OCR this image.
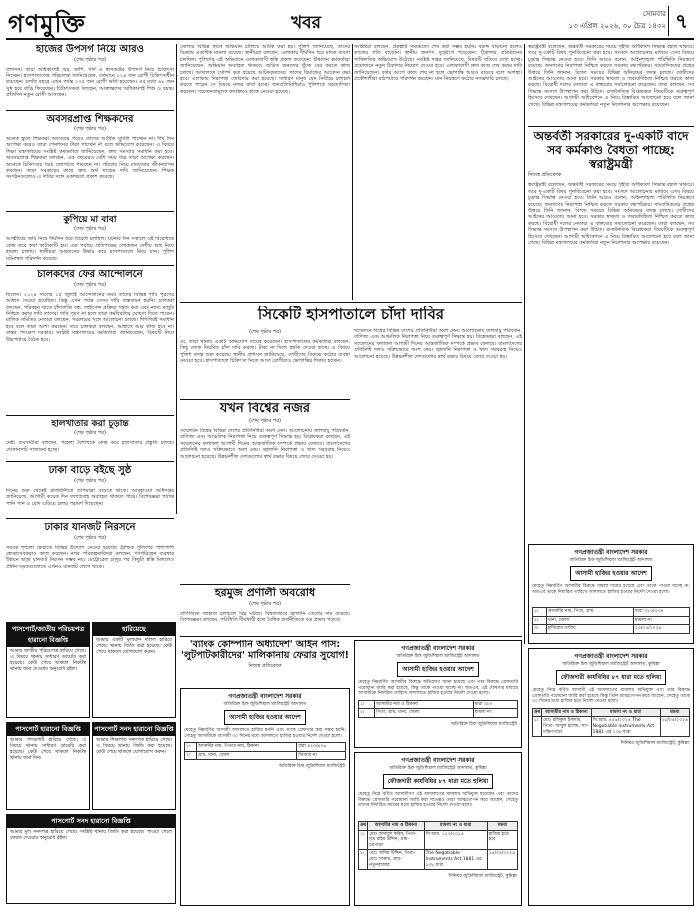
গণমুক্তি	খবর	সোমবার
১৩ এপ্রিল ২০২৬, ৩০ চৈত্র ১৪৩২ ৭
হাজের উপসর্গ নিয়ে আরও
(শেষ পৃষ্ঠার পর)
প্রশাসন। তারা অধিকাংশই জ্বর, কাশি, সর্দি ও শ্বাসকষ্টের উপসর্গ নিয়ে চিকিৎসা নিচ্ছেন। হাসপাতালের পরিচালক জানিয়েছেন, বর্তমানে ১২৪ জন রোগী চিকিৎসাধীন রয়েছেন। চলতি বছরে এখন পর্যন্ত ২৩৫ জন রোগী ভর্তি হয়েছেন। এর মধ্যে ৯৮ জন সুস্থ হয়ে বাড়ি ফিরেছেন। চিকিৎসকরা বলছেন, আক্রান্তদের অধিকাংশই শিশু ও বয়স্ক। প্রতিদিন নতুন রোগী আসছেন।
অবসরপ্রাপ্ত শিক্ষকদের
(শেষ পৃষ্ঠার পর)
অনেক স্কুলে শিক্ষকরা অবসরের পরেও তাদের আর্থিক সুবিধা পাচ্ছেন না। দীর্ঘ দিন অপেক্ষা করেও তারা পেনশনের টাকা পাচ্ছেন না বলে অভিযোগ করেছেন। এ বিষয়ে শিক্ষা মন্ত্রণালয়ের সংশ্লিষ্ট কর্মকর্তারা জানিয়েছেন, দ্রুত সমস্যার সমাধান করা হবে। অবসরপ্রাপ্ত শিক্ষকরা বলছেন, এক বছরেরও বেশি সময় ধরে তারা অপেক্ষা করছেন। অনেকে চিকিৎসার খরচ জোগাতে পারছেন না। পরিবার নিয়ে মানবেতর জীবনযাপন করছেন। তারা সরকারের কাছে দ্রুত অর্থ ছাড়ের দাবি জানিয়েছেন। শিক্ষক সংগঠনগুলোও এ দাবির সঙ্গে একাত্মতা প্রকাশ করেছে।
কুপিয়ে মা বাবা
(শেষ পৃষ্ঠার পর)
আত্মীয়ের জমি নিয়ে দীর্ঘদিন ধরে বিরোধ চলছিল। ঘটনার দিন সকালে ওই বিরোধকে কেন্দ্র করে কথা কাটাকাটি হয়। এক পর্যায়ে প্রতিপক্ষের লোকজন দেশীয় অস্ত্র নিয়ে হামলা চালায়। স্থানীয়রা আহতদের উদ্ধার করে হাসপাতালে নিয়ে যান। পুলিশ ঘটনাস্থল পরিদর্শন করেছে।
চালকদের ফের আন্দোলনে
(শেষ পৃষ্ঠার পর)
ছিলেন। ২০২৪ সালের ১৫ জুলাই আন্দোলনের সময় তাদের বিভিন্ন দাবি পূরণের আশ্বাস দেওয়া হয়েছিল। কিন্তু এখন পর্যন্ত সেসব দাবি বাস্তবায়ন হয়নি। চালকরা বলছেন, পরিবহন খাতে চাঁদাবাজি বন্ধ, লাইসেন্স প্রক্রিয়া সহজ করা এবং ন্যায্য মজুরি নিশ্চিত করার দাবি তাদের। দাবি পূরণ না হলে তারা কর্মবিরতির ঘোষণা দিতে পারেন। মালিক সমিতির নেতারা বলছেন, সরকারের সঙ্গে আলোচনা চলছে। শিগগিরই সমাধান হবে বলে তারা আশা করছেন। তবে চালকরা বলছেন, আশ্বাসে আর কাজ হবে না। বাস্তব পদক্ষেপ দরকার। সংশ্লিষ্ট মন্ত্রণালয়ের কর্মকর্তারা জানিয়েছেন, বিষয়টি নিয়ে উচ্চপর্যায়ে বৈঠক হবে।
হালখাতার করা চূড়ান্ত
(শেষ পৃষ্ঠার পর)
নেই। ব্যবসায়ীরা বলছেন, পহেলা বৈশাখকে কেন্দ্র করে হালখাতার প্রস্তুতি চলছে। দোকানপাট সাজানো হচ্ছে।
ঢাকা বাড়ে বইছে সুষ্ঠ
(শেষ পৃষ্ঠার পর)
দিনের শুরু থেকেই রাজধানীতে তাপমাত্রা বাড়তে থাকে। আবহাওয়া অধিদপ্তর জানিয়েছে, আগামী কয়েক দিন তাপপ্রবাহ অব্যাহত থাকতে পারে। বিশেষজ্ঞরা পর্যাপ্ত পানি পান ও রোদ এড়িয়ে চলার পরামর্শ দিয়েছেন।
ঢাকার যানজট নিরসনে
(শেষ পৃষ্ঠার পর)
সড়কে শৃঙ্খলা ফেরাতে বিভিন্ন উদ্যোগ নেওয়া হয়েছে। ট্রাফিক পুলিশের পাশাপাশি স্বেচ্ছাসেবকরাও কাজ করছেন। নগর পরিকল্পনাবিদরা বলছেন, গণপরিবহন ব্যবস্থার উন্নয়ন ছাড়া যানজট নিরসন সম্ভব নয়। মেট্রোরেল চালুর পর কিছুটা স্বস্তি মিললেও প্রধান সড়কগুলোতে এখনও যানজট লেগে থাকে।
পাসপোর্ট/জাতীয় পরিচয়পত্র হারানো বিজ্ঞপ্তি
আমার জাতীয় পরিচয়পত্র হারিয়ে গেছে। এ বিষয়ে থানায় সাধারণ ডায়েরি করা হয়েছে। কেউ পেয়ে থাকলে নিকটস্থ থানায় জমা দেওয়ার অনুরোধ রইল।
হারিয়েছে
আমার একটি মূল্যবান দলিল হারিয়ে গেছে। থানায় জিডি করা হয়েছে। কেউ পেয়ে থাকলে যোগাযোগ করুন।
পাসপোর্ট হারানো বিজ্ঞপ্তি
আমার পাসপোর্ট হারিয়ে গেছে। এ বিষয়ে থানায় সাধারণ ডায়েরি করা হয়েছে। কেউ পেয়ে থাকলে নিকটস্থ থানায় জমা দিন।
পাসপোর্ট সনদ হারানো বিজ্ঞপ্তি
আমার শিক্ষাগত সনদপত্র হারিয়ে গেছে। এ বিষয়ে থানায় জিডি করা হয়েছে। কেউ পেয়ে থাকলে যোগাযোগ করুন।
পাসপোর্ট সনদ হারানো বিজ্ঞপ্তি
আমার মূল সনদপত্র হারিয়ে গেছে। সংশ্লিষ্ট থানায় জিডি করা হয়েছে। পাওয়া গেলে ফেরত দেওয়ার অনুরোধ রইল।
জেলার বিভিন্ন স্থানে অভিযান চালিয়ে আটক করা হয়। পুলিশ জানিয়েছে, তাদের বিরুদ্ধে একাধিক মামলা রয়েছে। স্থানীয়রা বলছেন, এলাকায় দীর্ঘদিন ধরে মাদক ব্যবসা চলছিল। পুলিশের এই অভিযানে এলাকাবাসী স্বস্তি প্রকাশ করেছেন। ঊর্ধ্বতন কর্মকর্তারা জানিয়েছেন, অভিযান অব্যাহত থাকবে। জড়িত অন্যদের খুঁজে বের করতে কাজ চলছে। আদালতে সোপর্দ করা হয়েছে আটককৃতদের। তাদের রিমান্ডের আবেদন করা হবে। এলাকায় নিরাপত্তা জোরদার করা হয়েছে। সাধারণ মানুষ যেন নির্বিঘ্নে চলাচল করতে পারেন সে বিষয়ে নজর রাখা হচ্ছে। জনপ্রতিনিধিরাও পুলিশকে সহযোগিতা করছেন। সচেতনতামূলক কার্যক্রমও হাতে নেওয়া হয়েছে।
সংশ্লিষ্টরা বলছেন, প্রকল্পটি সময়মতো শেষ করা সম্ভব হয়নি। বরাদ্দ বাড়ানো হলেও কাজের গতি বাড়েনি। স্থানীয় জনগণ দুর্ভোগে পড়েছেন। ঠিকাদার প্রতিষ্ঠানের গাফিলতির অভিযোগ উঠেছে। সংশ্লিষ্ট দপ্তর জানিয়েছে, বিষয়টি খতিয়ে দেখা হচ্ছে। প্রয়োজনে নতুন ঠিকাদার নিয়োগ দেওয়া হবে। এলাকাবাসী দ্রুত কাজ শেষ করার দাবি জানিয়েছেন। বর্ষার আগে কাজ শেষ না হলে ভোগান্তি আরও বাড়বে বলে আশঙ্কা। প্রকৌশলীরা মাঠপর্যায়ে পরিদর্শন করছেন। মান নিয়ন্ত্রণে কঠোর নজরদারি চলছে।
সিকেটি হাসপাতালে চাঁদা দাবির
(শেষ পৃষ্ঠার পর)
যে, তারা থানায় একটি অভিযোগ দায়ের করেছেন। হাসপাতালের কর্মকর্তারা বলছেন, কিছু লোক নিয়মিত চাঁদা দাবি করছে। টাকা না দিলে হুমকি দেওয়া হচ্ছে। এ বিষয়ে পুলিশ তদন্ত শুরু করেছে। স্থানীয় প্রশাসন জানিয়েছে, দোষীদের বিরুদ্ধে কঠোর ব্যবস্থা নেওয়া হবে। হাসপাতালে চিকিৎসা নিতে আসা রোগীরাও ভোগান্তির শিকার হচ্ছেন।
যখন বিশ্বের নজর
(শেষ পৃষ্ঠার পর)
সম্মেলনে বিশ্বের বিভিন্ন দেশের প্রতিনিধিরা অংশ নেন। আলোচনায় জলবায়ু পরিবর্তন, বাণিজ্য এবং আঞ্চলিক নিরাপত্তা নিয়ে গুরুত্বপূর্ণ সিদ্ধান্ত হয়। বিশ্লেষকরা বলছেন, এই সম্মেলনের ফলাফল আগামী দিনের আন্তর্জাতিক সম্পর্কে প্রভাব ফেলবে। বাংলাদেশের প্রতিনিধি দলও সক্রিয়ভাবে অংশ নেয়। জ্বালানি নিরাপত্তা ও খাদ্য সরবরাহ নিয়েও আলোচনা হয়েছে। উন্নয়নশীল দেশগুলোর স্বার্থ রক্ষার বিষয়ে জোর দেওয়া হয়।
হরমুজ প্রণালী অবরোধ
(শেষ পৃষ্ঠার পর)
বাণিজ্যিক জাহাজ চলাচলে বিঘ্ন ঘটছে। বিশ্ববাজারে জ্বালানি তেলের দাম বাড়ছে। বিশেষজ্ঞরা বলছেন, পরিস্থিতি দীর্ঘস্থায়ী হলে বৈশ্বিক অর্থনীতিতে বড় প্রভাব পড়বে।
সম্মেলনে বিশ্বের বিভিন্ন দেশের প্রতিনিধিরা অংশ নেন। আলোচনায় জলবায়ু পরিবর্তন, বাণিজ্য এবং আঞ্চলিক নিরাপত্তা নিয়ে গুরুত্বপূর্ণ সিদ্ধান্ত হয়। বিশ্লেষকরা বলছেন, এই সম্মেলনের ফলাফল আগামী দিনের আন্তর্জাতিক সম্পর্কে প্রভাব ফেলবে। বাংলাদেশের প্রতিনিধি দলও সক্রিয়ভাবে অংশ নেয়। জ্বালানি নিরাপত্তা ও খাদ্য সরবরাহ নিয়েও আলোচনা হয়েছে। উন্নয়নশীল দেশগুলোর স্বার্থ রক্ষার বিষয়ে জোর দেওয়া হয়।
'ব্যাংক কোম্পানি অধ্যাদেশ' আইন পাস: 'লুটপাটকারীদের' মালিকানায় ফেরার সুযোগ!
নিজস্ব প্রতিবেদক
গণপ্রজাতন্ত্রী বাংলাদেশ সরকার
অতিরিক্ত চিফ জুডিশিয়াল ম্যাজিস্ট্রেট আদালত
আসামী হাজির হওয়ার আদেশ
যেহেতু নিম্নবর্ণিত আসামীর বিরুদ্ধে অভিযোগ আনা হয়েছে এবং তার বিরুদ্ধে গ্রেফতারি পরোয়ানা জারি করা হয়েছে, কিন্তু তাকে পাওয়া যাচ্ছে না। অতএব, এই ঘোষণার মাধ্যমে আসামীকে নির্ধারিত তারিখে আদালতে হাজির হওয়ার নির্দেশ দেওয়া হলো।
১।	আসামীর নাম ও ঠিকানা	ধারা ৩৮০
২।	পিতা, গ্রাম, থানা, জেলা	মামলা নং
অতিরিক্ত চিফ জুডিশিয়াল ম্যাজিস্ট্রেট
গণপ্রজাতন্ত্রী বাংলাদেশ সরকার
অতিরিক্ত চিফ জুডিশিয়াল ম্যাজিস্ট্রেট আদালত
আসামী হাজির হওয়ার আদেশ
যেহেতু নিম্নবর্ণিত আসামী আদালতে হাজির হননি এবং তাকে গ্রেফতার করা সম্ভব হয়নি, সেহেতু আসামীকে আগামী ৩০ দিনের মধ্যে আদালতে হাজির হওয়ার নির্দেশ দেওয়া হলো।
১।	আসামীর নাম, পিতার নাম, ঠিকানা	ধারা ৪২০/৪০৬
২।	গ্রাম, থানা, জেলা	জিআর নং
অতিরিক্ত চিফ জুডিশিয়াল ম্যাজিস্ট্রেট
স্বরাষ্ট্রমন্ত্রী বলেছেন, অন্তর্বর্তী সরকারের সময়ে গৃহীত অধিকাংশ সিদ্ধান্ত বহাল থাকবে। তবে দু-একটি বিষয় পুনর্বিবেচনা করা হবে। সংসদে আলোচনার মাধ্যমে এসব বিষয়ে চূড়ান্ত সিদ্ধান্ত নেওয়া হবে। তিনি আরও বলেন, আইনশৃঙ্খলা পরিস্থিতি নিয়ন্ত্রণে রয়েছে। জনগণের নিরাপত্তা নিশ্চিত করতে সরকার বদ্ধপরিকর। সাংবাদিকদের প্রশ্নের উত্তরে তিনি জানান, বিগত সময়ের বিভিন্ন অনিয়মের তদন্ত চলছে। দোষীদের আইনের আওতায় আনা হবে। সরকার স্বচ্ছতা ও জবাবদিহিতা নিশ্চিত করতে কাজ করছে। বিরোধী দলের নেতারা এ বক্তব্যের সমালোচনা করেছেন। তারা বলছেন, সব সিদ্ধান্ত সংসদে উপস্থাপন করা উচিত। রাজনৈতিক বিশ্লেষকরা বিষয়টিকে গুরুত্বপূর্ণ হিসেবে দেখছেন। আগামী অধিবেশনে এ নিয়ে বিস্তারিত আলোচনা হবে বলে জানা গেছে। বিভিন্ন মন্ত্রণালয়ের কর্মকর্তারা নতুন নির্দেশনার অপেক্ষায় রয়েছেন।
অন্তর্বর্তী সরকারের দু-একটি বাদে সব কর্মকাণ্ড বৈধতা পাচ্ছে: স্বরাষ্ট্রমন্ত্রী
নিজস্ব প্রতিবেদক
স্বরাষ্ট্রমন্ত্রী বলেছেন, অন্তর্বর্তী সরকারের সময়ে গৃহীত অধিকাংশ সিদ্ধান্ত বহাল থাকবে। তবে দু-একটি বিষয় পুনর্বিবেচনা করা হবে। সংসদে আলোচনার মাধ্যমে এসব বিষয়ে চূড়ান্ত সিদ্ধান্ত নেওয়া হবে। তিনি আরও বলেন, আইনশৃঙ্খলা পরিস্থিতি নিয়ন্ত্রণে রয়েছে। জনগণের নিরাপত্তা নিশ্চিত করতে সরকার বদ্ধপরিকর। সাংবাদিকদের প্রশ্নের উত্তরে তিনি জানান, বিগত সময়ের বিভিন্ন অনিয়মের তদন্ত চলছে। দোষীদের আইনের আওতায় আনা হবে। সরকার স্বচ্ছতা ও জবাবদিহিতা নিশ্চিত করতে কাজ করছে। বিরোধী দলের নেতারা এ বক্তব্যের সমালোচনা করেছেন। তারা বলছেন, সব সিদ্ধান্ত সংসদে উপস্থাপন করা উচিত। রাজনৈতিক বিশ্লেষকরা বিষয়টিকে গুরুত্বপূর্ণ হিসেবে দেখছেন। আগামী অধিবেশনে এ নিয়ে বিস্তারিত আলোচনা হবে বলে জানা গেছে। বিভিন্ন মন্ত্রণালয়ের কর্মকর্তারা নতুন নির্দেশনার অপেক্ষায় রয়েছেন।
গণপ্রজাতন্ত্রী বাংলাদেশ সরকার
অতিরিক্ত চিফ জুডিশিয়াল ম্যাজিস্ট্রেট আদালত
আসামী হাজির হওয়ার আদেশ
যেহেতু নিম্নবর্ণিত আসামীর বিরুদ্ধে মামলা দায়ের হয়েছে এবং তাকে পাওয়া যাচ্ছে না, অতএব তাকে নির্ধারিত তারিখে আদালতে হাজির হওয়ার নির্দেশ দেওয়া হলো।
১।	আসামীর নাম, পিতা, গ্রাম	ধারা ৩২৩/৩৭৯
২।	থানা, জেলা	মামলা নং
৩।	হাজিরার তারিখ	২০/০৫/২০২৬
গণপ্রজাতন্ত্রী বাংলাদেশ সরকার
অতিরিক্ত চিফ জুডিশিয়াল ম্যাজিস্ট্রেট আদালত, কুমিল্লা
ফৌজদারী কার্যবিধির ৮৭ ধারা মতে হুলিয়া
যেহেতু নিম্নে বর্ণিত আসামীগণ এই আদালতের মামলায় অভিযুক্ত হয়েছেন এবং তাদের বিরুদ্ধে গ্রেফতারি পরোয়ানা জারি করা সত্ত্বেও তারা আত্মগোপন করে আছেন, সেহেতু তাদের নির্ধারিত সময়ের মধ্যে হাজির হওয়ার নির্দেশ দেওয়া হলো।
ক্রম	আসামীর নাম ও ঠিকানা	মামলা নং ও ধারা	মন্তব্য
১।	মোঃ আবদুল করিম, পিতা- মৃত রহিম উদ্দিন, গ্রাম- চরপাড়া	সি.আর. ১২৩/২০২৪	হাজির হতে হবে
২।	মোঃ জসিম উদ্দিন, পিতা- মোঃ সাত্তার, গ্রাম- নতুনবাজার	The Negotiable Instruments Act 1881 এর ১৩৮ ধারা	১৪/০৪/২০২৬
সিনিয়র জুডিশিয়াল ম্যাজিস্ট্রেট, কুমিল্লা
গণপ্রজাতন্ত্রী বাংলাদেশ সরকার
অতিরিক্ত চিফ জুডিশিয়াল ম্যাজিস্ট্রেট আদালত, কুমিল্লা
ফৌজদারী কার্যবিধির ৮৭ ধারা মতে হুলিয়া
যেহেতু নিম্নে বর্ণিত আসামী এই আদালতের মামলায় অভিযুক্ত এবং তার বিরুদ্ধে গ্রেফতারি পরোয়ানা জারি করা হয়েছে কিন্তু তিনি আত্মগোপন করে আছেন, সেহেতু তাকে ৩০ দিনের মধ্যে হাজির হতে নির্দেশ দেওয়া হলো।
ক্রম	আসামীর নাম ও ঠিকানা	মামলা নং ও ধারা	মন্তব্য
১।	মোঃ রফিকুল ইসলাম, পিতা- আবুল হাশেম, সাং- দক্ষিণপাড়া	সি.আর. ৪৫৬/২০২৪ The Negotiable Instruments Act 1881 এর ১৩৮ ধারা	২৮/০৪/২০২৬
সিনিয়র জুডিশিয়াল ম্যাজিস্ট্রেট, কুমিল্লা
